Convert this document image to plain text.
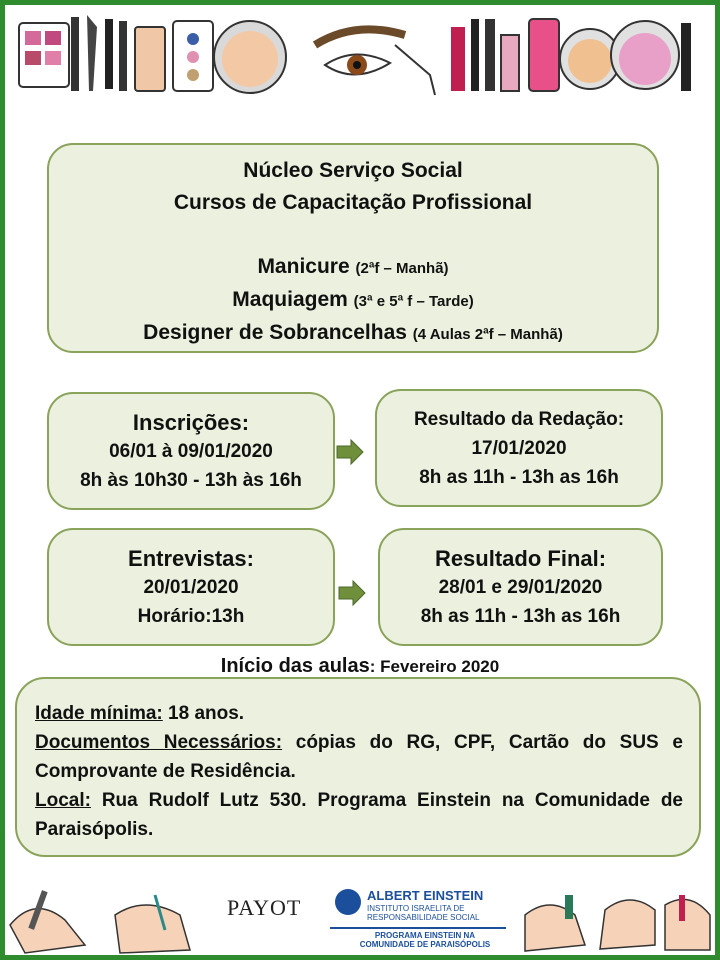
Núcleo Serviço Social
Cursos de Capacitação Profissional
Manicure (2ªf – Manhã)
Maquiagem (3ª e 5ª f – Tarde)
Designer de Sobrancelhas (4 Aulas 2ªf – Manhã)
Inscrições:
06/01 à 09/01/2020
8h às 10h30 - 13h às 16h
Resultado da Redação:
17/01/2020
8h as 11h - 13h as 16h
Entrevistas:
20/01/2020
Horário:13h
Resultado Final:
28/01 e 29/01/2020
8h as 11h - 13h as 16h
Início das aulas: Fevereiro 2020
Idade mínima: 18 anos.
Documentos Necessários: cópias do RG, CPF, Cartão do SUS e Comprovante de Residência.
Local: Rua Rudolf Lutz 530. Programa Einstein na Comunidade de Paraisópolis.
PAYOT	ALBERT EINSTEIN
INSTITUTO ISRAELITA DE
RESPONSABILIDADE SOCIAL
PROGRAMA EINSTEIN NA
COMUNIDADE DE PARAISÓPOLIS
